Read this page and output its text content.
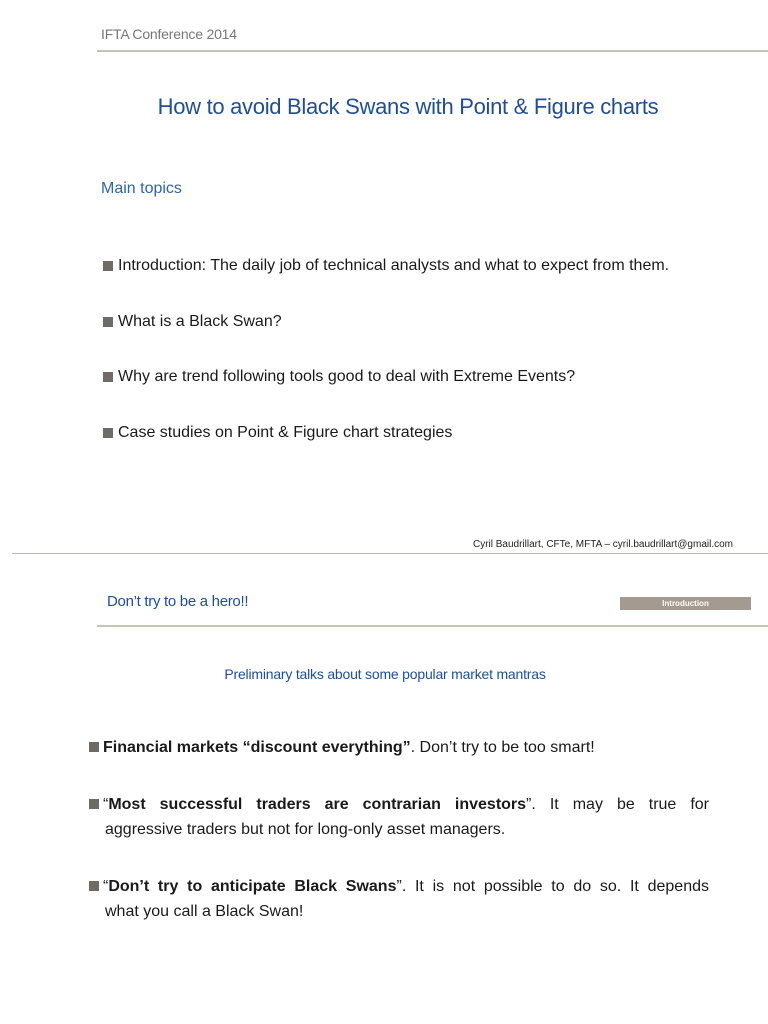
IFTA Conference 2014
How to avoid Black Swans with Point & Figure charts
Main topics
Introduction: The daily job of technical analysts and what to expect from them.
What is a Black Swan?
Why are trend following tools good to deal with Extreme Events?
Case studies on Point & Figure chart strategies
Cyril Baudrillart, CFTe, MFTA – cyril.baudrillart@gmail.com
Don’t try to be a hero!!	Introduction
Preliminary talks about some popular market mantras
Financial markets “discount everything”. Don’t try to be too smart!
“Most successful traders are contrarian investors”. It may be true for
aggressive traders but not for long-only asset managers.
“Don’t try to anticipate Black Swans”. It is not possible to do so. It depends
what you call a Black Swan!
